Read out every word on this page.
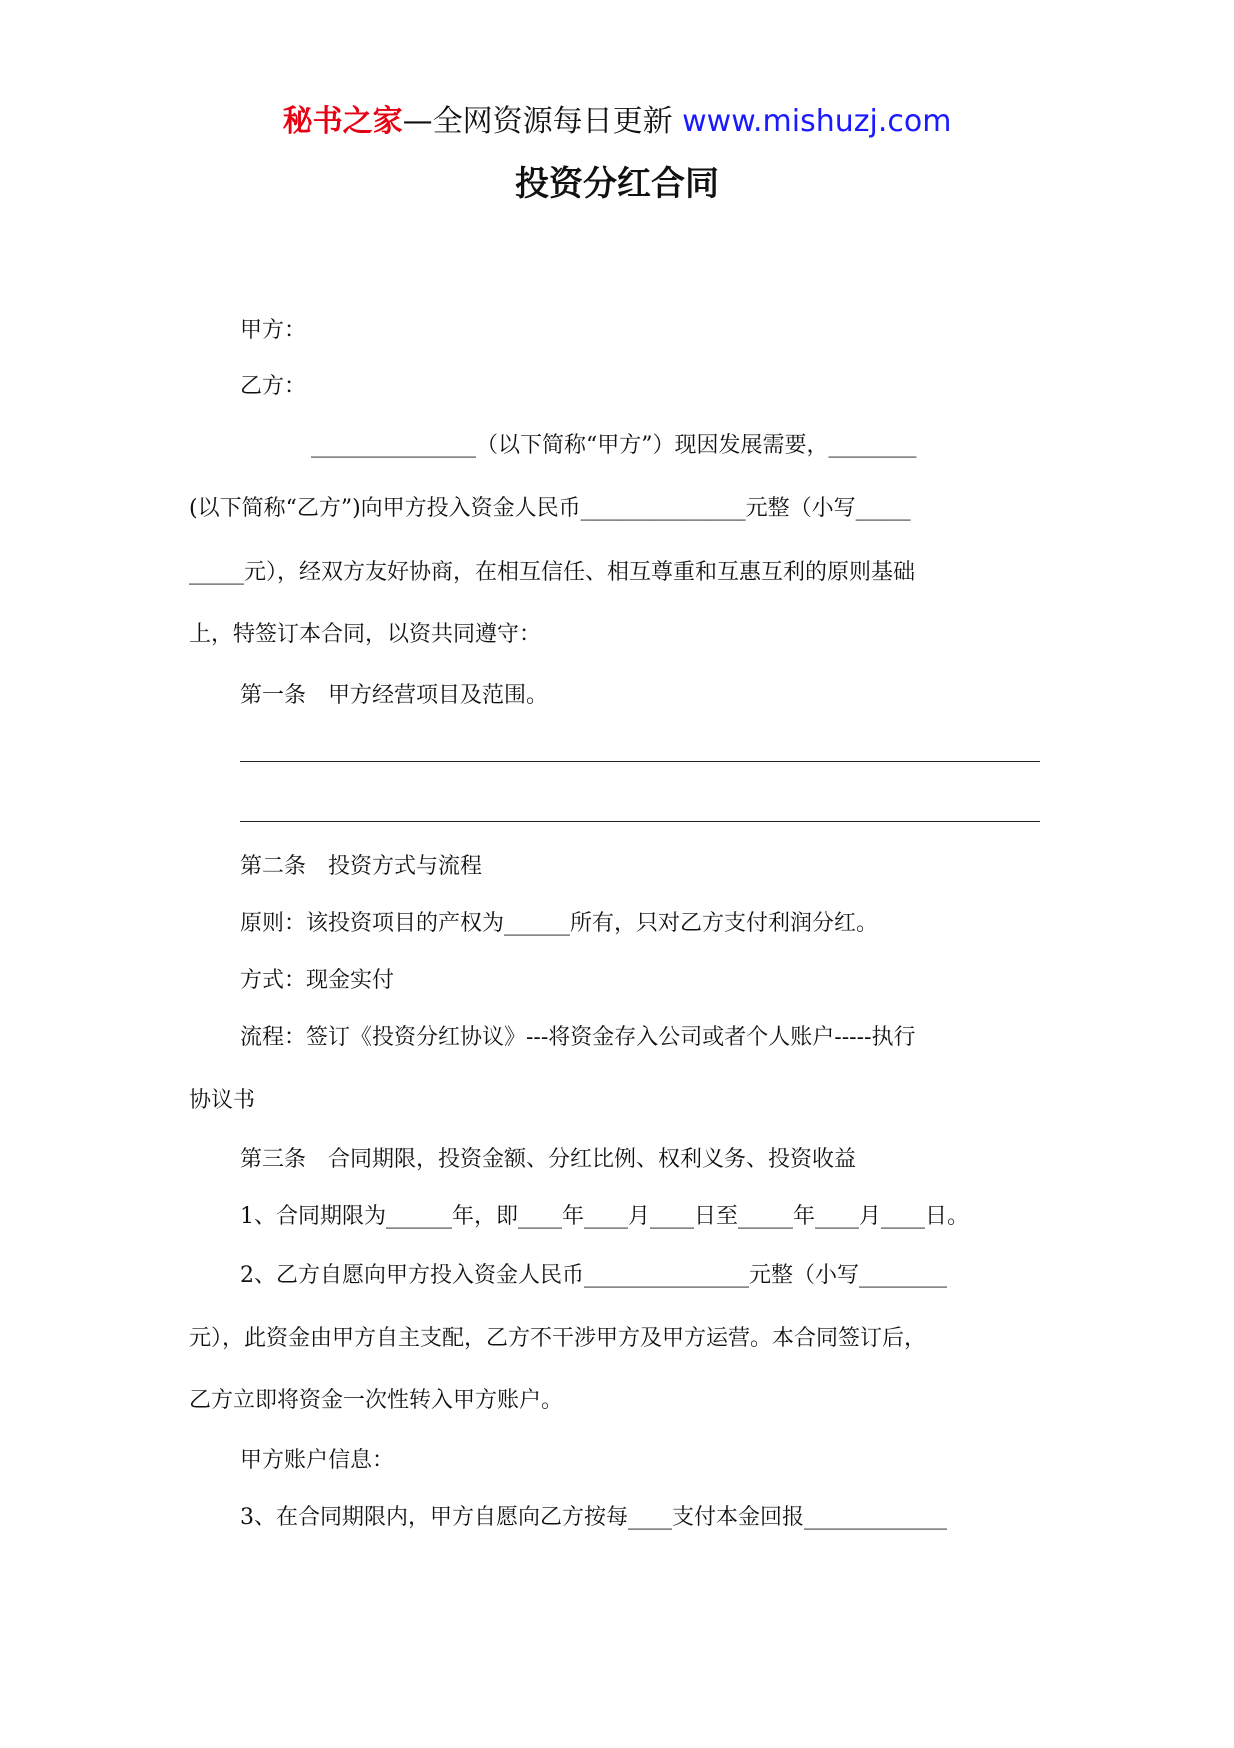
秘书之家—全网资源每日更新 www.mishuzj.com
投资分红合同
甲方：
乙方：
_______________（以下简称“甲方”）现因发展需要，________
(以下简称“乙方”)向甲方投入资金人民币_______________元整（小写_____
_____元），经双方友好协商，在相互信任、相互尊重和互惠互利的原则基础
上，特签订本合同，以资共同遵守：
第一条　甲方经营项目及范围。
第二条　投资方式与流程
原则：该投资项目的产权为______所有，只对乙方支付利润分红。
方式：现金实付
流程：签订《投资分红协议》---将资金存入公司或者个人账户-----执行
协议书
第三条　合同期限，投资金额、分红比例、权利义务、投资收益
1、合同期限为______年，即____年____月____日至_____年____月____日。
2、乙方自愿向甲方投入资金人民币_______________元整（小写________
元），此资金由甲方自主支配，乙方不干涉甲方及甲方运营。本合同签订后，
乙方立即将资金一次性转入甲方账户。
甲方账户信息：
3、在合同期限内，甲方自愿向乙方按每____支付本金回报_____________
